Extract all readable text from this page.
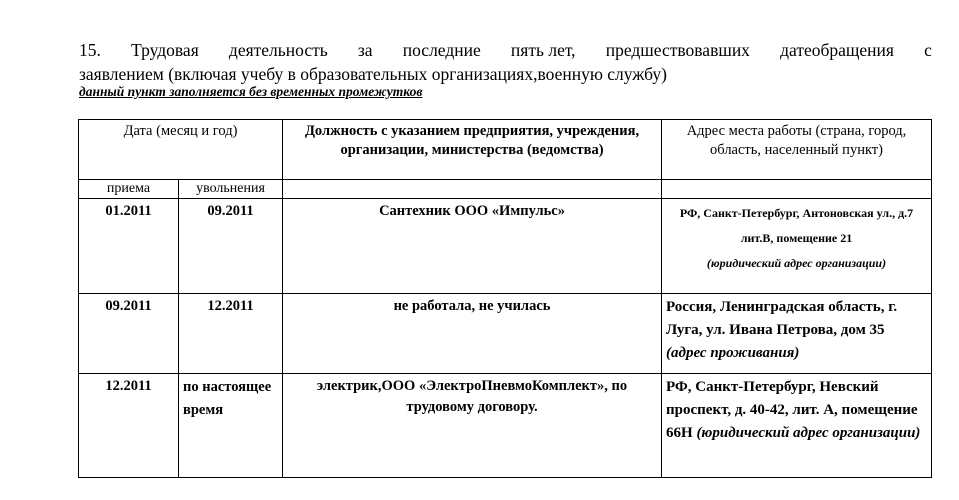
15. Трудовая деятельность за последние пять лет, предшествовавших датеобращения с
заявлением (включая учебу в образовательных организациях,военную службу)
данный пункт заполняется без временных промежутков
Дата (месяц и год)		Должность с указанием предприятия, учреждения, организации, министерства (ведомства)	Адрес места работы (страна, город, область, населенный пункт)
приема	увольнения		
01.2011	09.2011	Сантехник ООО «Импульс»	РФ, Санкт-Петербург, Антоновская ул., д.7 лит.В, помещение 21
(юридический адрес организации)
09.2011	12.2011	не работала, не училась	Россия, Ленинградская область, г. Луга, ул. Ивана Петрова, дом 35 (адрес проживания)
12.2011	по настоящее время	электрик,ООО «ЭлектроПневмоКомплект», по трудовому договору.	РФ, Санкт-Петербург, Невский проспект, д. 40-42, лит. А, помещение 66Н (юридический адрес организации)
